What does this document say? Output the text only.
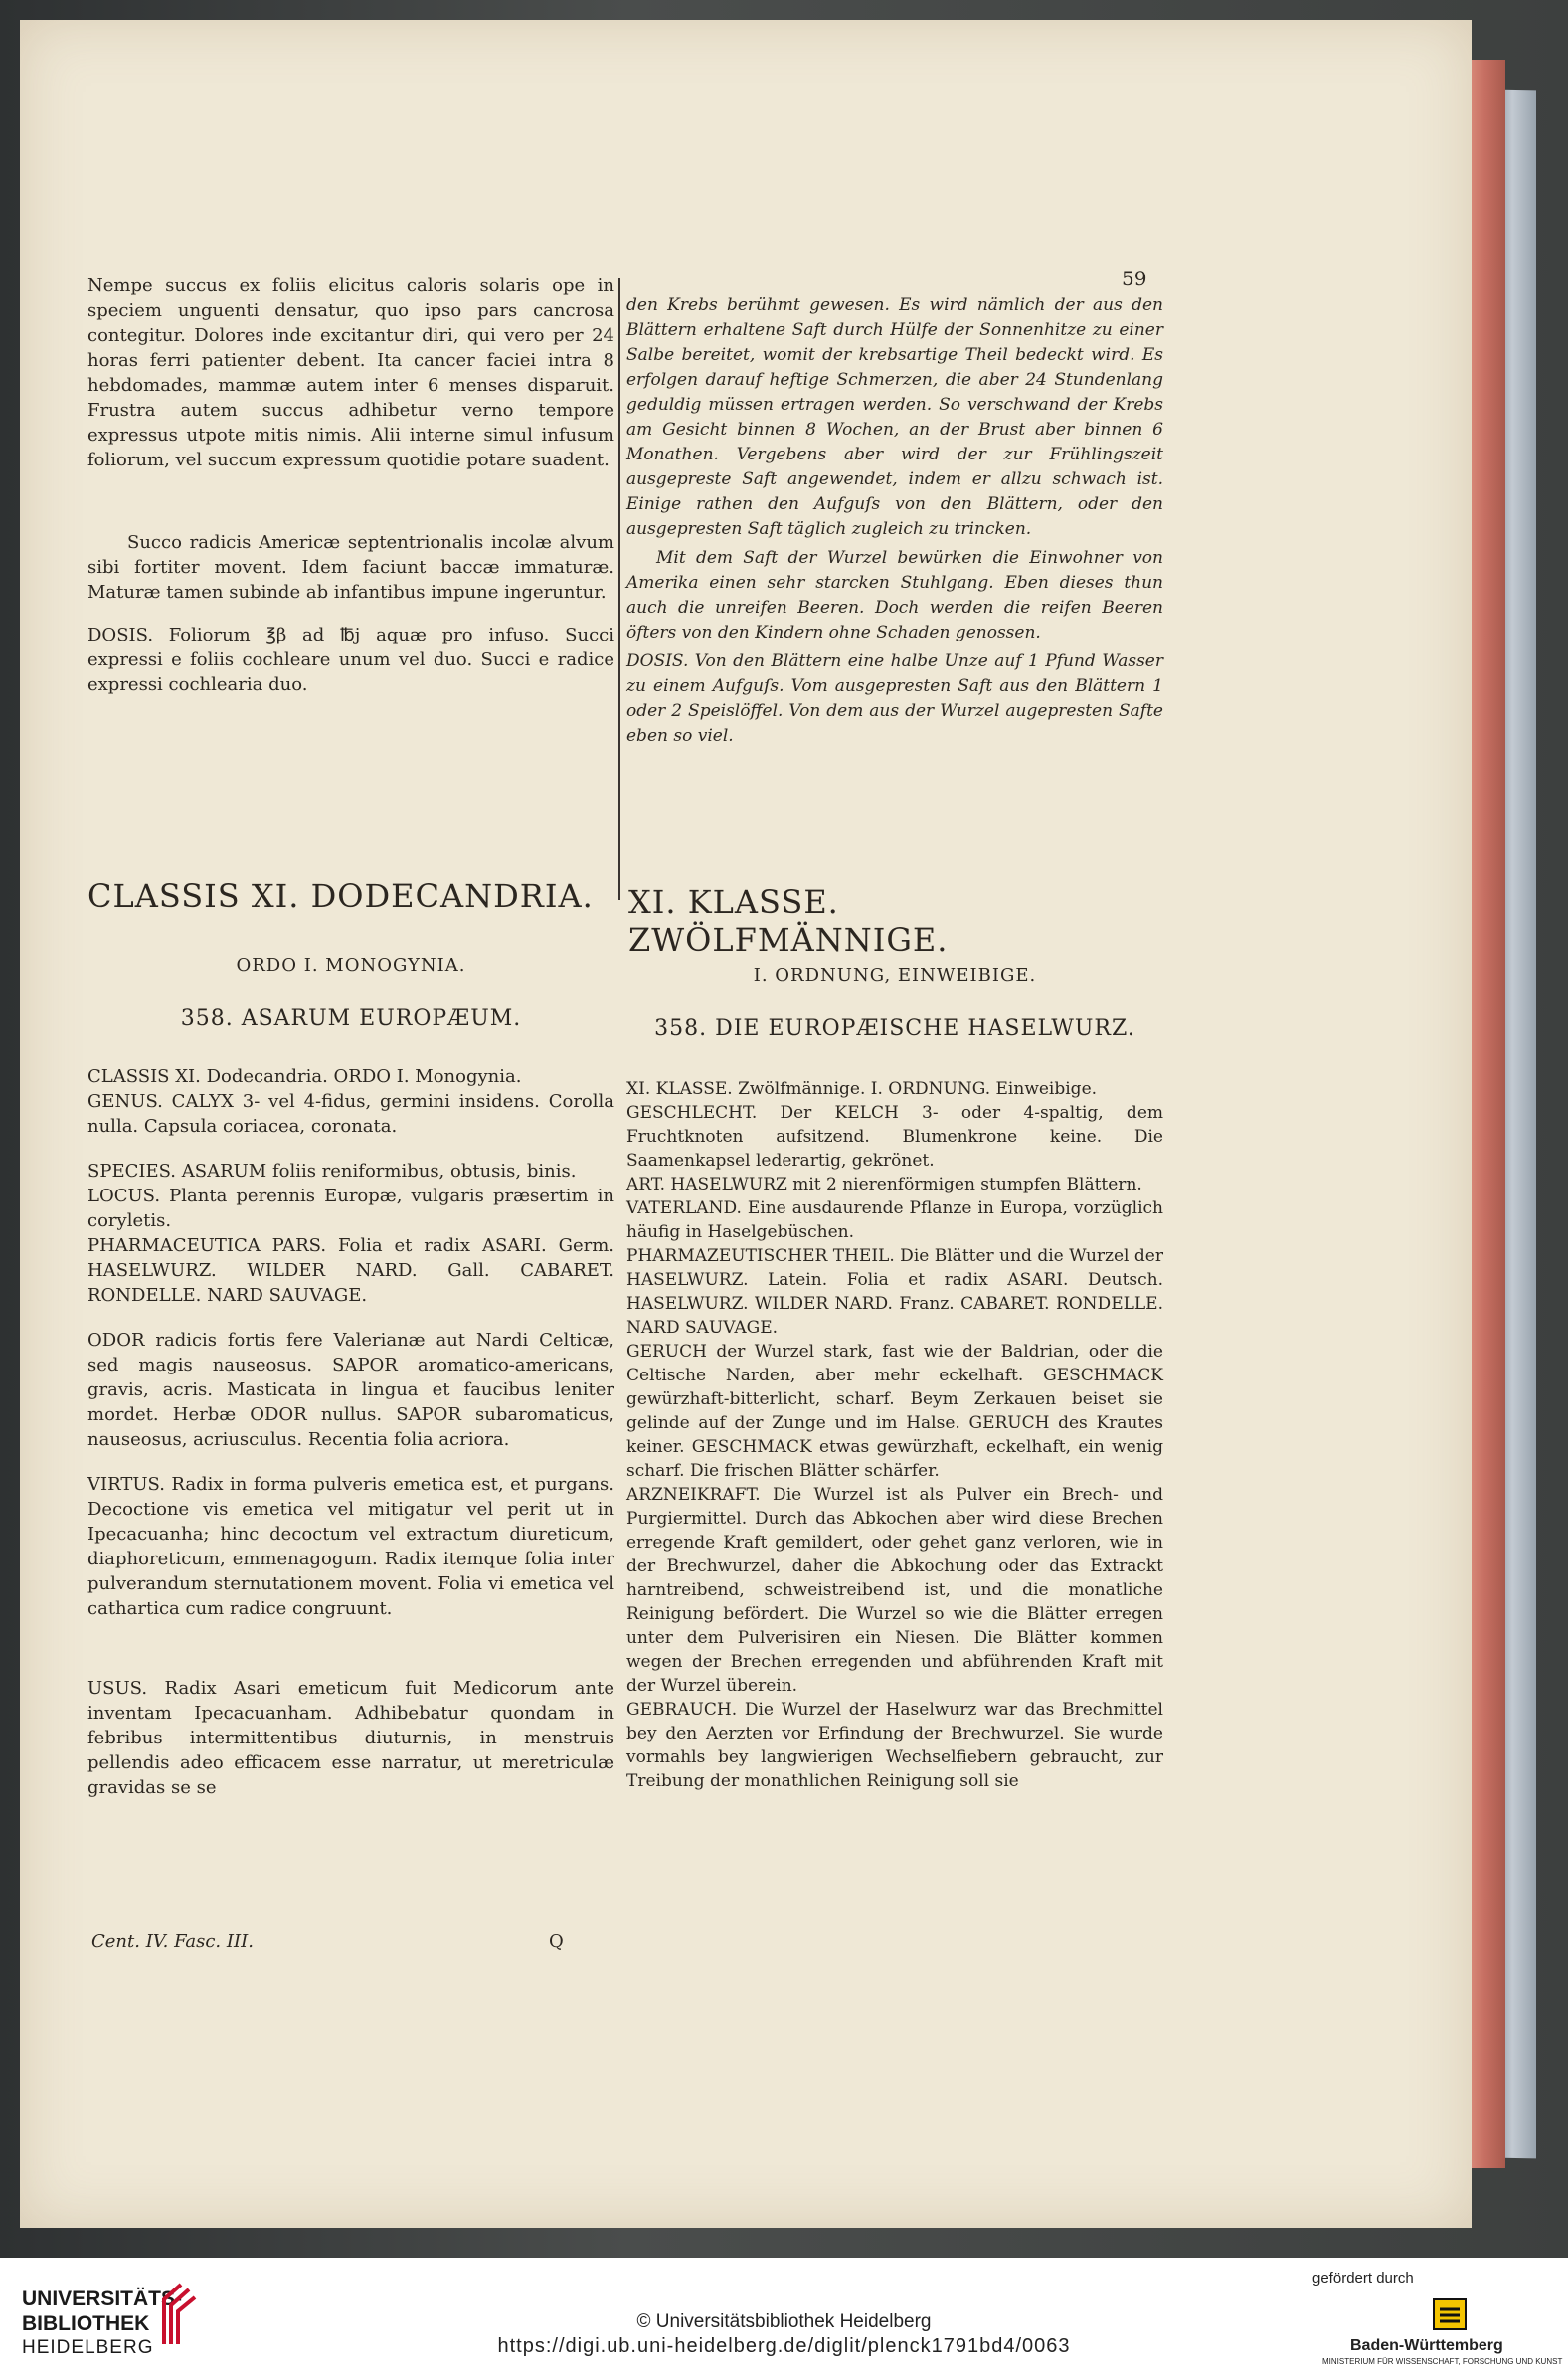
59

Nempe succus ex foliis elicitus caloris solaris ope in speciem unguenti densatur, quo ipso pars cancrosa contegitur. Dolores inde excitantur diri, qui vero per 24 horas ferri patienter debent. Ita cancer faciei intra 8 hebdomades, mammæ autem inter 6 menses disparuit. Frustra autem succus adhibetur verno tempore expressus utpote mitis nimis. Alii interne simul infusum foliorum, vel succum expressum quotidie potare suadent.

Succo radicis Americæ septentrionalis incolæ alvum sibi fortiter movent. Idem faciunt baccæ immaturæ. Maturæ tamen subinde ab infantibus impune ingeruntur.

DOSIS. Foliorum ℥β ad ℔j aquæ pro infuso. Succi expressi e foliis cochleare unum vel duo. Succi e radice expressi cochlearia duo.

den Krebs berühmt gewesen. Es wird nämlich der aus den Blättern erhaltene Saft durch Hülfe der Sonnenhitze zu einer Salbe bereitet, womit der krebsartige Theil bedeckt wird. Es erfolgen darauf heftige Schmerzen, die aber 24 Stundenlang geduldig müssen ertragen werden. So verschwand der Krebs am Gesicht binnen 8 Wochen, an der Brust aber binnen 6 Monathen. Vergebens aber wird der zur Frühlingszeit ausgepreste Saft angewendet, indem er allzu schwach ist. Einige rathen den Aufguſs von den Blättern, oder den ausgepresten Saft täglich zugleich zu trincken.

Mit dem Saft der Wurzel bewürken die Einwohner von Amerika einen sehr starcken Stuhlgang. Eben dieses thun auch die unreifen Beeren. Doch werden die reifen Beeren öfters von den Kindern ohne Schaden genossen.

DOSIS. Von den Blättern eine halbe Unze auf 1 Pfund Wasser zu einem Aufguſs. Vom ausgepresten Saft aus den Blättern 1 oder 2 Speislöffel. Von dem aus der Wurzel augepresten Safte eben so viel.

CLASSIS XI. DODECANDRIA.	XI. KLASSE. ZWÖLFMÄNNIGE.
ORDO I. MONOGYNIA.	I. ORDNUNG, EINWEIBIGE.
358. ASARUM EUROPÆUM.	358. DIE EUROPÆISCHE HASELWURZ.

CLASSIS XI. Dodecandria. ORDO I. Monogynia.

GENUS. CALYX 3- vel 4-fidus, germini insidens. Corolla nulla. Capsula coriacea, coronata.

SPECIES. ASARUM foliis reniformibus, obtusis, binis.

LOCUS. Planta perennis Europæ, vulgaris præsertim in coryletis.

PHARMACEUTICA PARS. Folia et radix ASARI. Germ. HASELWURZ. WILDER NARD. Gall. CABARET. RONDELLE. NARD SAUVAGE.

ODOR radicis fortis fere Valerianæ aut Nardi Celticæ, sed magis nauseosus. SAPOR aromatico-americans, gravis, acris. Masticata in lingua et faucibus leniter mordet. Herbæ ODOR nullus. SAPOR subaromaticus, nauseosus, acriusculus. Recentia folia acriora.

VIRTUS. Radix in forma pulveris emetica est, et purgans. Decoctione vis emetica vel mitigatur vel perit ut in Ipecacuanha; hinc decoctum vel extractum diureticum, diaphoreticum, emmenagogum. Radix itemque folia inter pulverandum sternutationem movent. Folia vi emetica vel cathartica cum radice congruunt.

USUS. Radix Asari emeticum fuit Medicorum ante inventam Ipecacuanham. Adhibebatur quondam in febribus intermittentibus diuturnis, in menstruis pellendis adeo efficacem esse narratur, ut meretriculæ gravidas se se

XI. KLASSE. Zwölfmännige. I. ORDNUNG. Einweibige.

GESCHLECHT. Der KELCH 3- oder 4-spaltig, dem Fruchtknoten aufsitzend. Blumenkrone keine. Die Saamenkapsel lederartig, gekrönet.

ART. HASELWURZ mit 2 nierenförmigen stumpfen Blättern.

VATERLAND. Eine ausdaurende Pflanze in Europa, vorzüglich häufig in Haselgebüschen.

PHARMAZEUTISCHER THEIL. Die Blätter und die Wurzel der HASELWURZ. Latein. Folia et radix ASARI. Deutsch. HASELWURZ. WILDER NARD. Franz. CABARET. RONDELLE. NARD SAUVAGE.

GERUCH der Wurzel stark, fast wie der Baldrian, oder die Celtische Narden, aber mehr eckelhaft. GESCHMACK gewürzhaft-bitterlicht, scharf. Beym Zerkauen beiset sie gelinde auf der Zunge und im Halse. GERUCH des Krautes keiner. GESCHMACK etwas gewürzhaft, eckelhaft, ein wenig scharf. Die frischen Blätter schärfer.

ARZNEIKRAFT. Die Wurzel ist als Pulver ein Brech- und Purgiermittel. Durch das Abkochen aber wird diese Brechen erregende Kraft gemildert, oder gehet ganz verloren, wie in der Brechwurzel, daher die Abkochung oder das Extrackt harntreibend, schweistreibend ist, und die monatliche Reinigung befördert. Die Wurzel so wie die Blätter erregen unter dem Pulverisiren ein Niesen. Die Blätter kommen wegen der Brechen erregenden und abführenden Kraft mit der Wurzel überein.

GEBRAUCH. Die Wurzel der Haselwurz war das Brechmittel bey den Aerzten vor Erfindung der Brechwurzel. Sie wurde vormahls bey langwierigen Wechselfiebern gebraucht, zur Treibung der monathlichen Reinigung soll sie

Cent. IV. Fasc. III.	Q
UNIVERSITÄTS-
BIBLIOTHEK
HEIDELBERG
© Universitätsbibliothek Heidelberg
https://digi.ub.uni-heidelberg.de/diglit/plenck1791bd4/0063
gefördert durch
Baden-Württemberg
MINISTERIUM FÜR WISSENSCHAFT, FORSCHUNG UND KUNST
